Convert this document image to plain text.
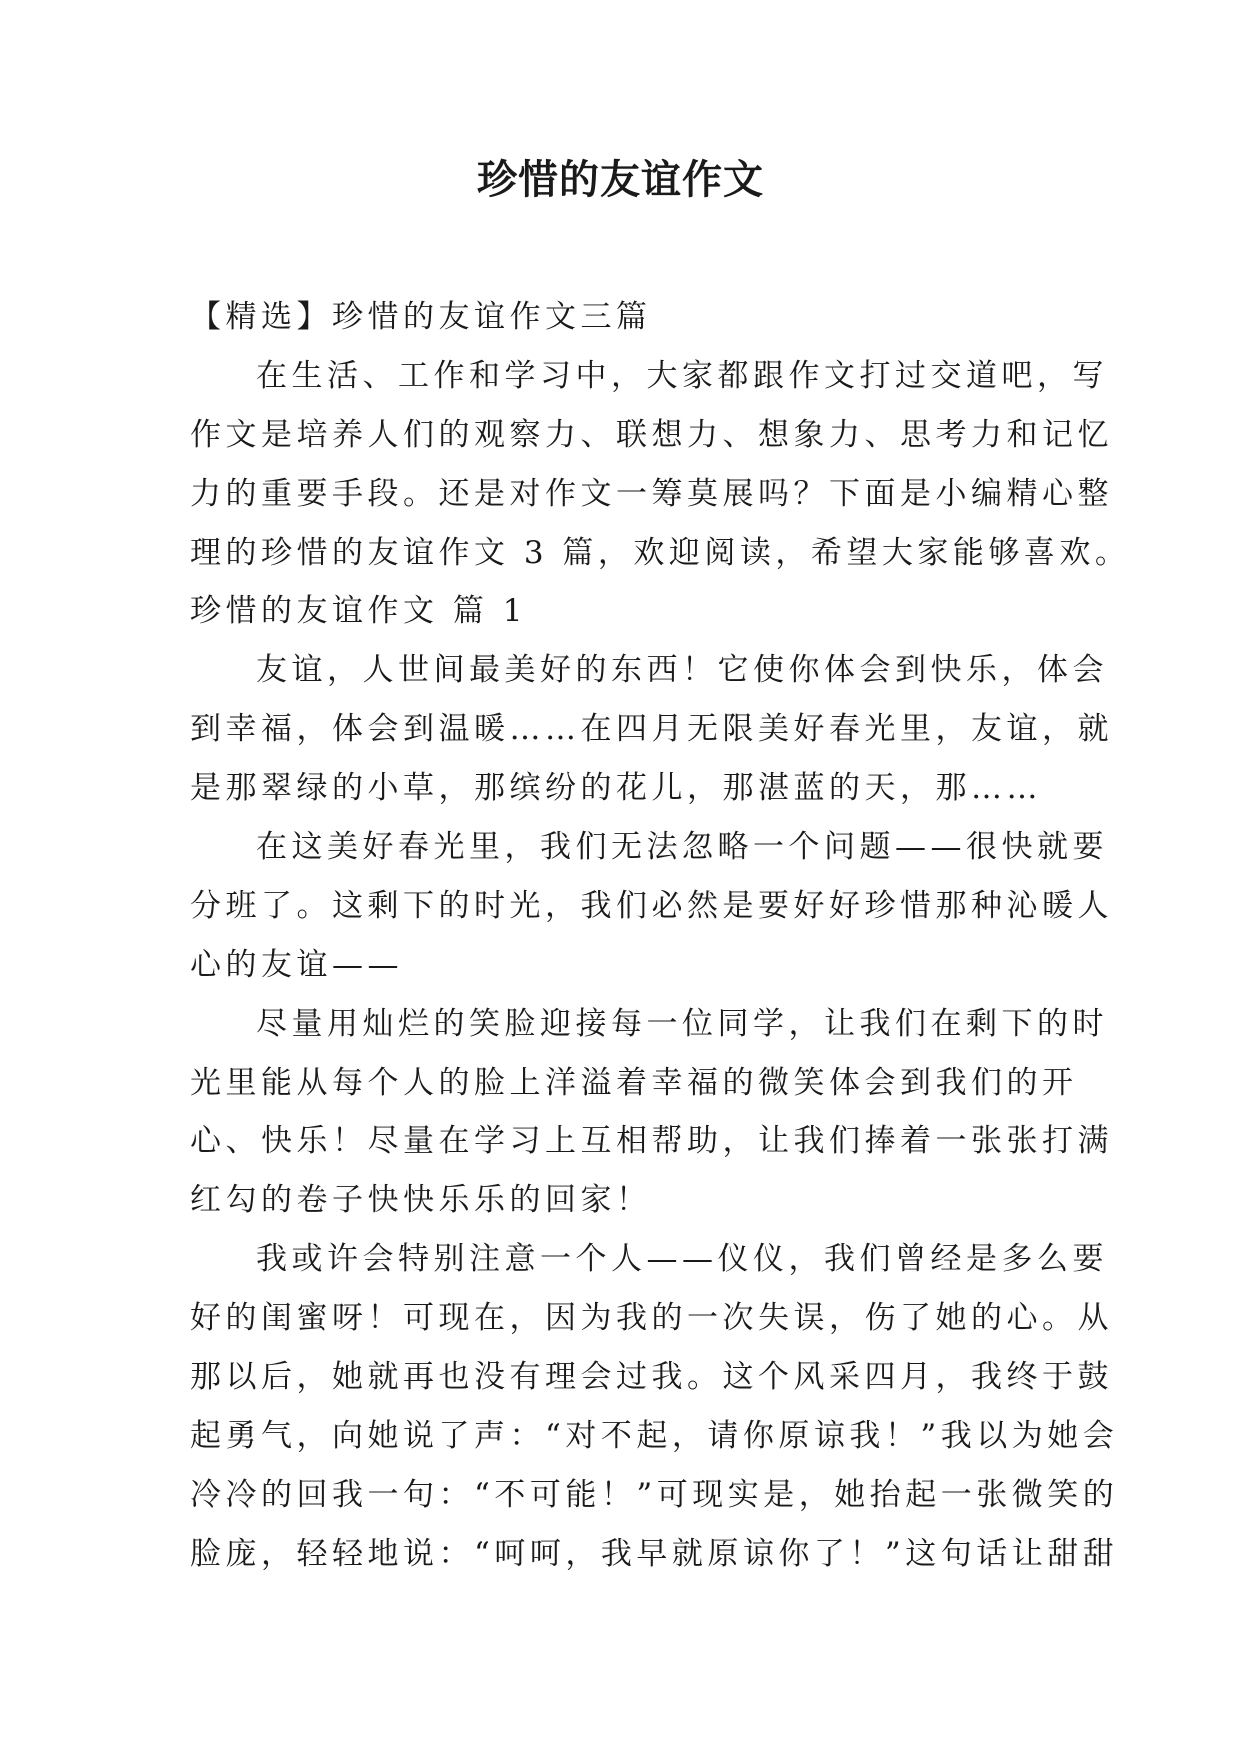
珍惜的友谊作文
【精选】珍惜的友谊作文三篇
在生活、工作和学习中，大家都跟作文打过交道吧，写
作文是培养人们的观察力、联想力、想象力、思考力和记忆
力的重要手段。还是对作文一筹莫展吗？下面是小编精心整
理的珍惜的友谊作文 3 篇，欢迎阅读，希望大家能够喜欢。
珍惜的友谊作文 篇 1
友谊，人世间最美好的东西！它使你体会到快乐，体会
到幸福，体会到温暖……在四月无限美好春光里，友谊，就
是那翠绿的小草，那缤纷的花儿，那湛蓝的天，那……
在这美好春光里，我们无法忽略一个问题——很快就要
分班了。这剩下的时光，我们必然是要好好珍惜那种沁暖人
心的友谊——
尽量用灿烂的笑脸迎接每一位同学，让我们在剩下的时
光里能从每个人的脸上洋溢着幸福的微笑体会到我们的开
心、快乐！尽量在学习上互相帮助，让我们捧着一张张打满
红勾的卷子快快乐乐的回家！
我或许会特别注意一个人——仪仪，我们曾经是多么要
好的闺蜜呀！可现在，因为我的一次失误，伤了她的心。从
那以后，她就再也没有理会过我。这个风采四月，我终于鼓
起勇气，向她说了声：“对不起，请你原谅我！”我以为她会
冷冷的回我一句：“不可能！”可现实是，她抬起一张微笑的
脸庞，轻轻地说：“呵呵，我早就原谅你了！”这句话让甜甜
